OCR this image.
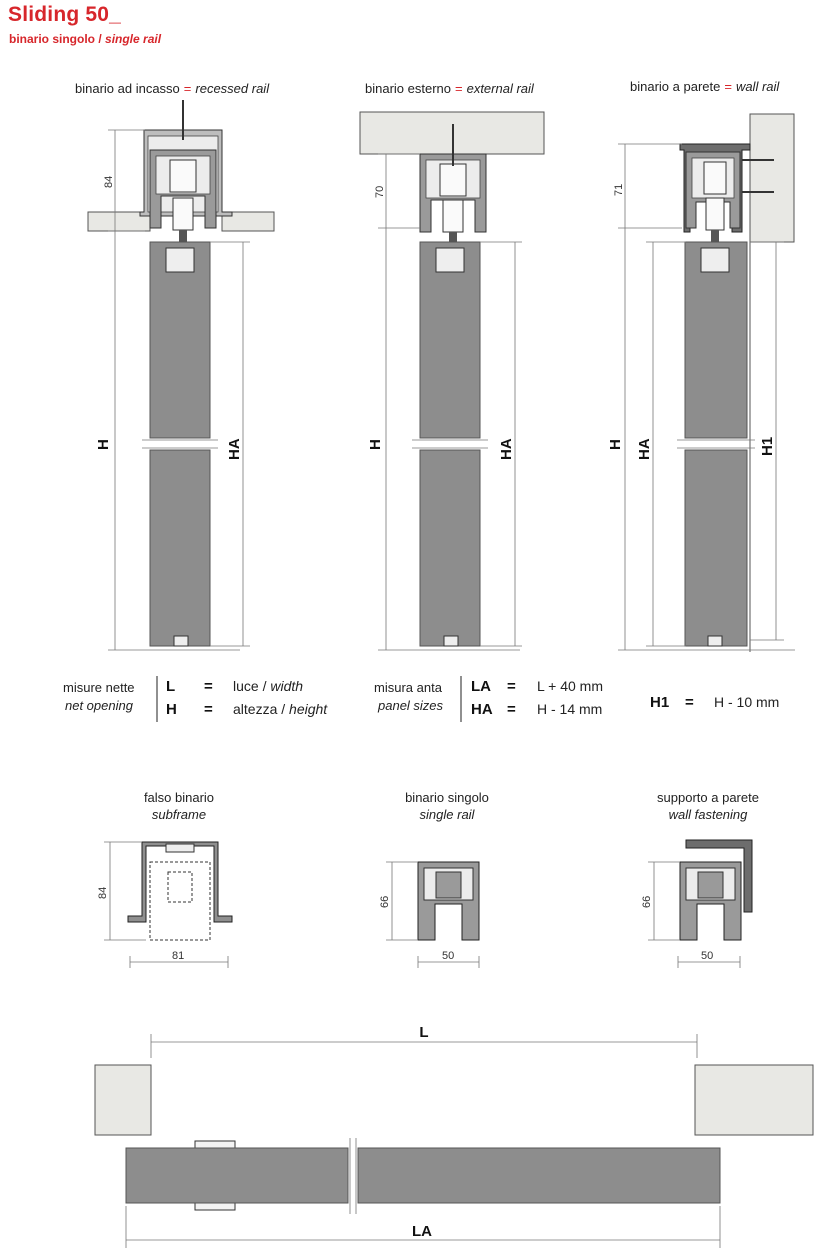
Sliding 50_
binario singolo / single rail
binario ad incasso = recessed rail
84
H	HA
binario esterno = external rail
70
H	HA
binario a parete = wall rail
71
H HA	H1
misure nette
net opening
L = luce / width
H = altezza / height
misura anta
panel sizes
LA = L + 40 mm
HA = H - 14 mm	H1 = H - 10 mm
falso binario
subframe
84
81
binario singolo
single rail
66
50
supporto a parete
wall fastening
66
50
L
LA
